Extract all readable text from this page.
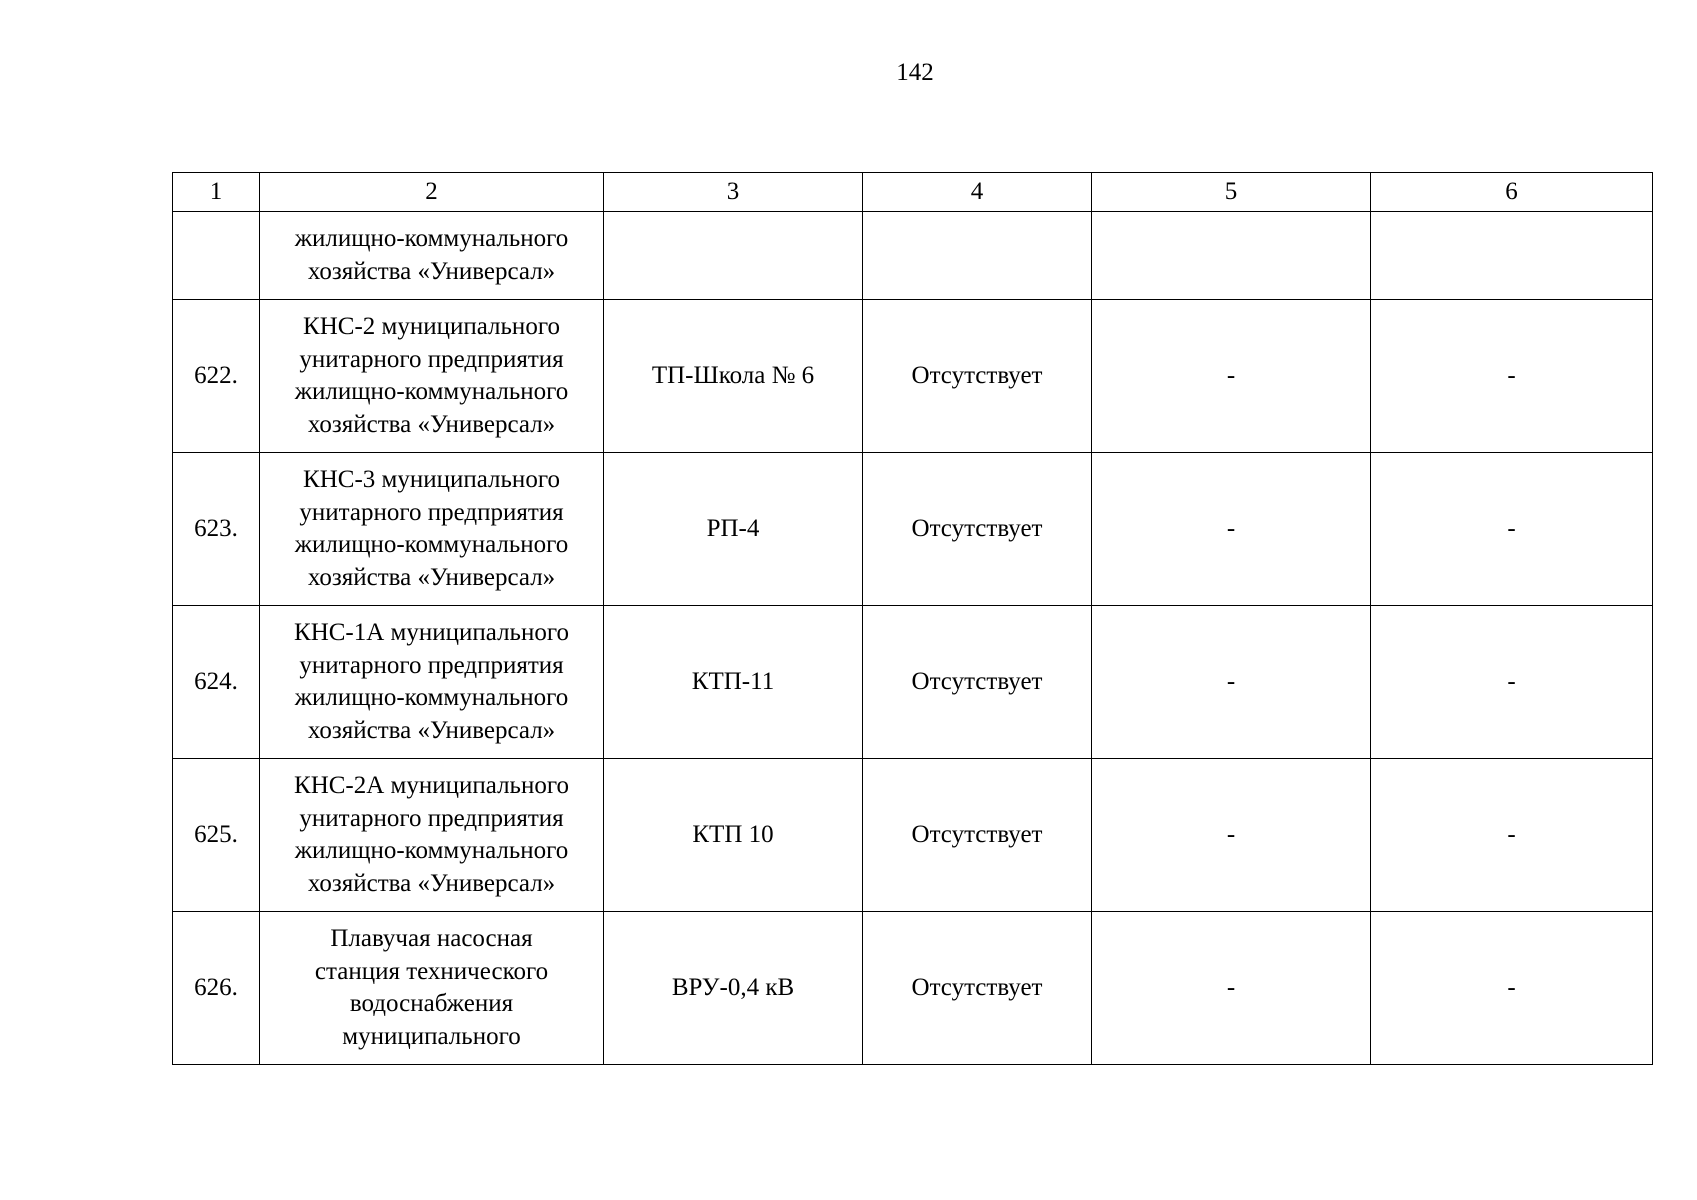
142
1	2	3	4	5	6

	жилищно-коммунального
хозяйства «Универсал»				

622.	КНС-2 муниципального
унитарного предприятия
жилищно-коммунального
хозяйства «Универсал»	ТП-Школа № 6	Отсутствует	-	-
623.	КНС-3 муниципального
унитарного предприятия
жилищно-коммунального
хозяйства «Универсал»	РП-4	Отсутствует	-	-
624.	КНС-1А муниципального
унитарного предприятия
жилищно-коммунального
хозяйства «Универсал»	КТП-11	Отсутствует	-	-
625.	КНС-2А муниципального
унитарного предприятия
жилищно-коммунального
хозяйства «Универсал»	КТП 10	Отсутствует	-	-
626.	Плавучая насосная
станция технического
водоснабжения
муниципального	ВРУ-0,4 кВ	Отсутствует	-	-
